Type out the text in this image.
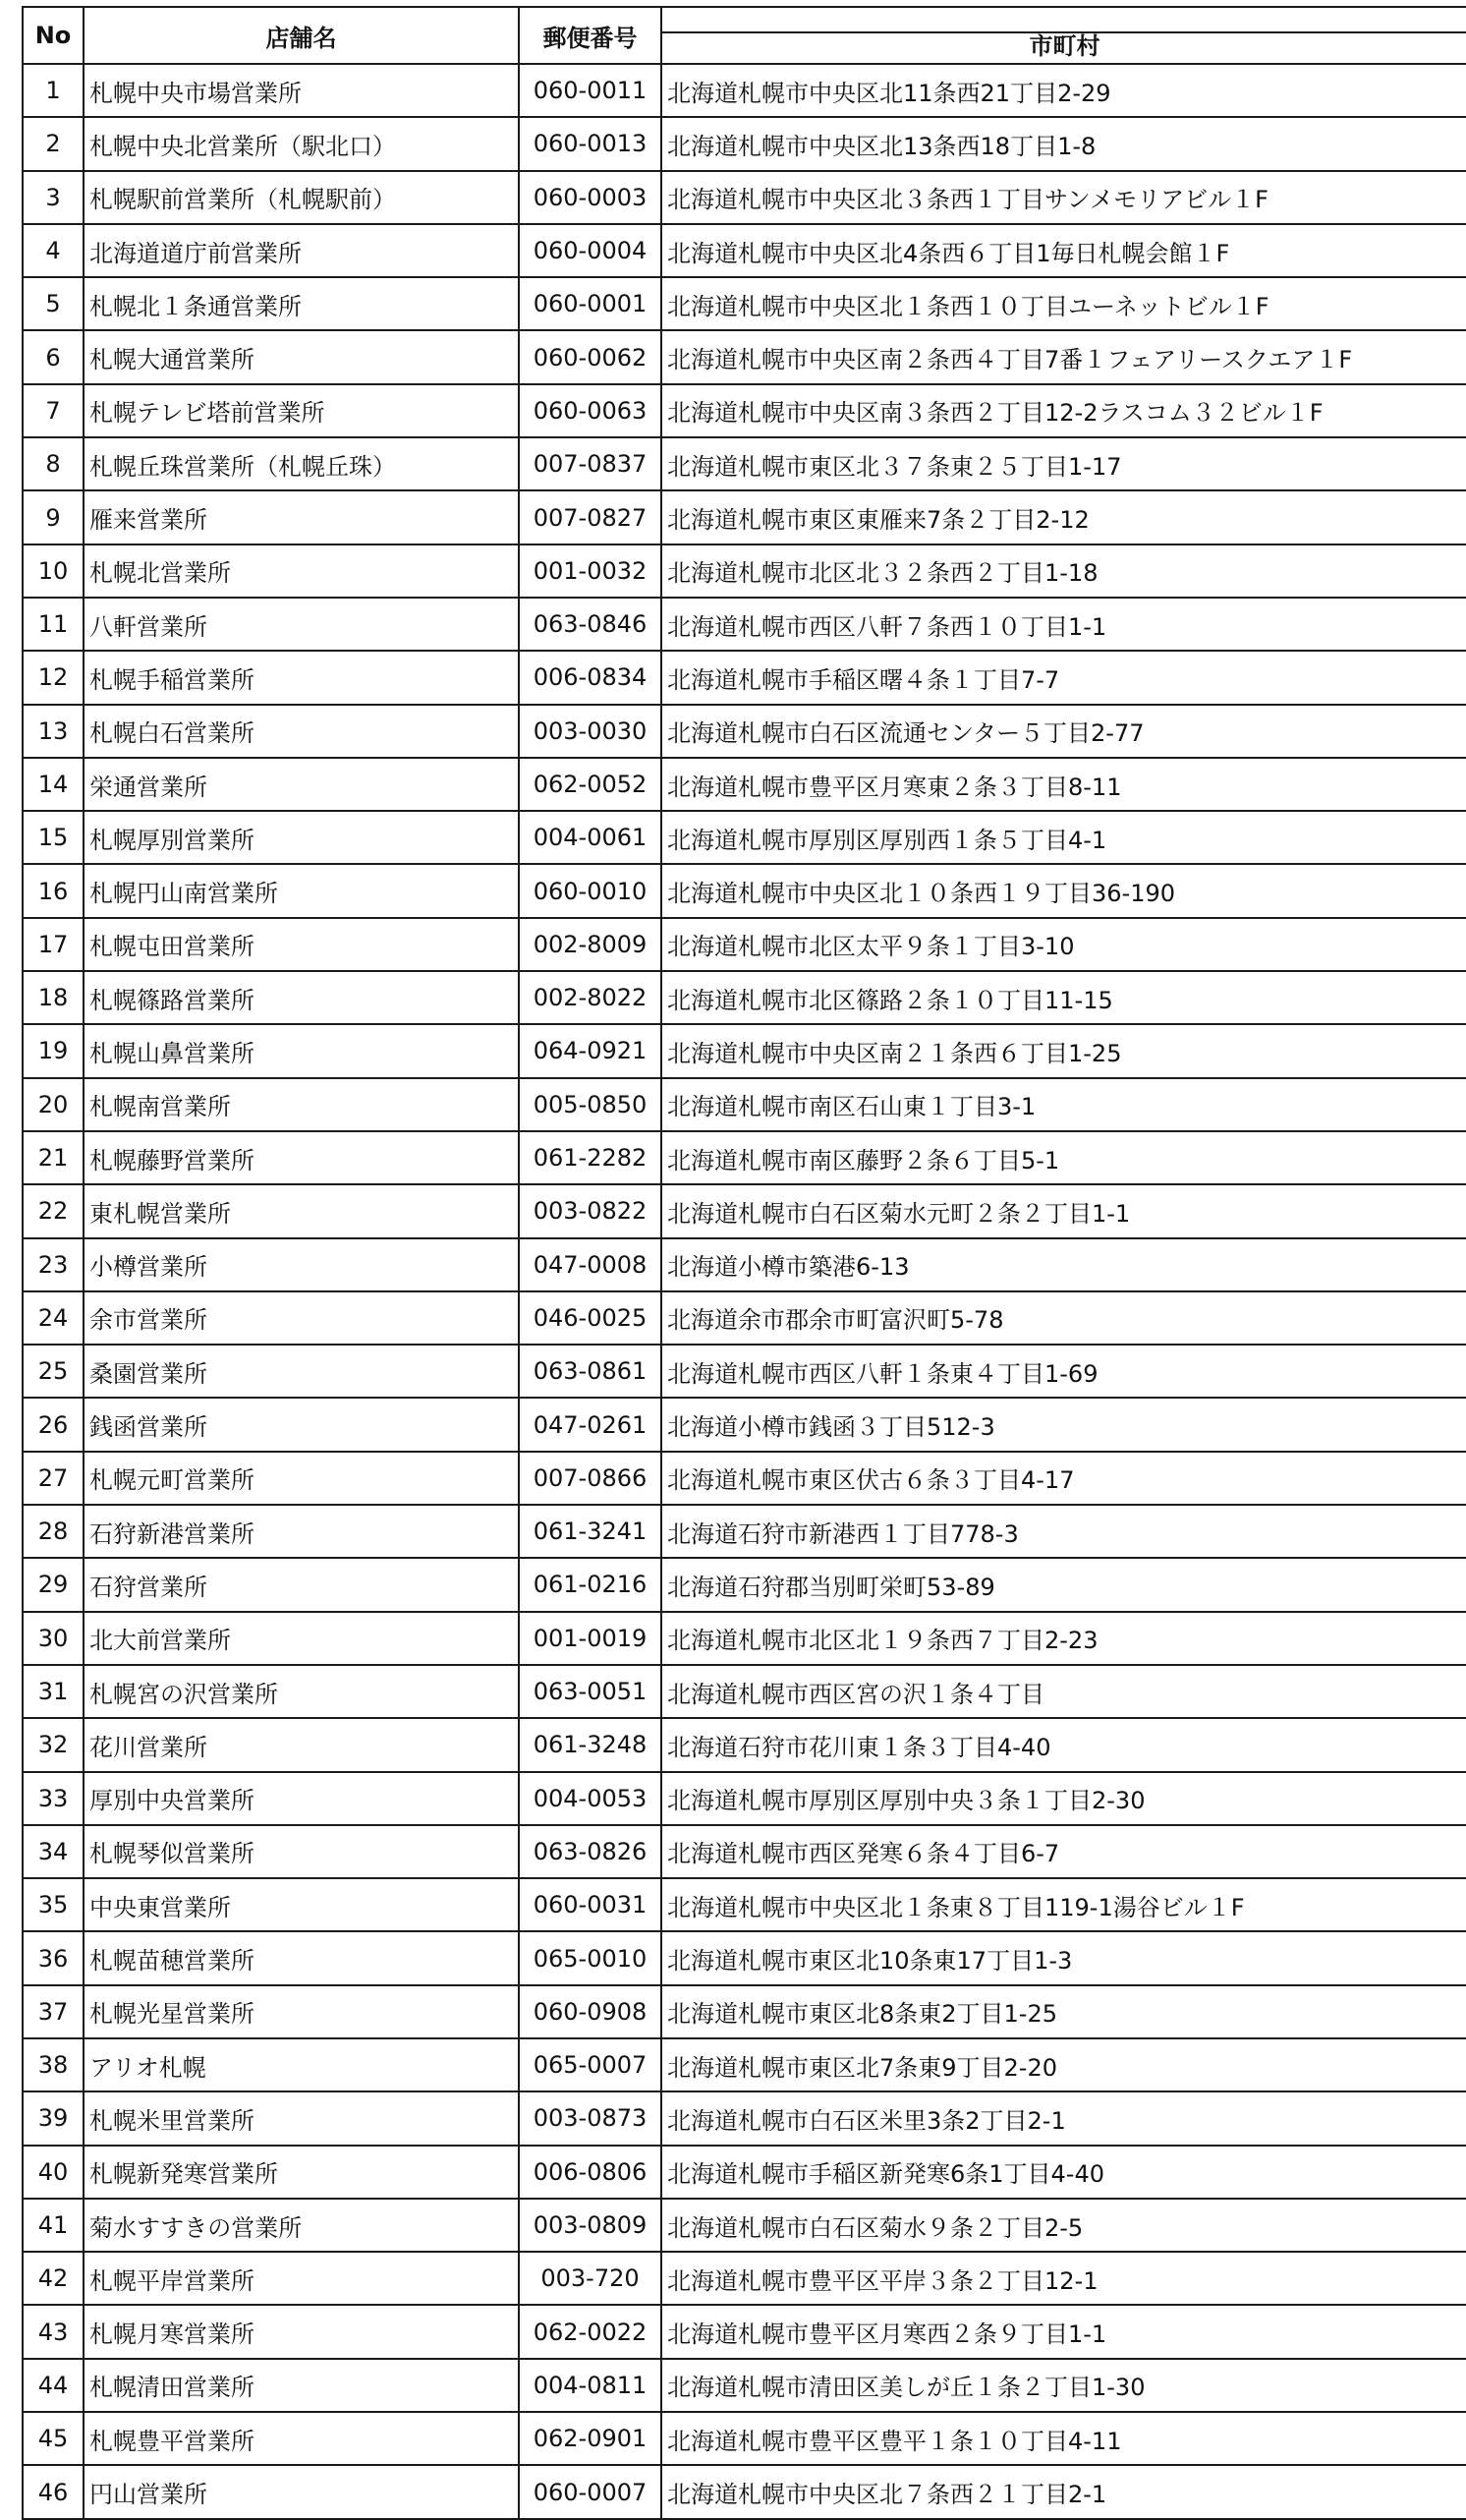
No	店舗名	郵便番号	市町村

1	札幌中央市場営業所	060-0011	北海道札幌市中央区北11条西21丁目2-29
2	札幌中央北営業所（駅北口）	060-0013	北海道札幌市中央区北13条西18丁目1-8
3	札幌駅前営業所（札幌駅前）	060-0003	北海道札幌市中央区北３条西１丁目サンメモリアビル１F
4	北海道道庁前営業所	060-0004	北海道札幌市中央区北4条西６丁目1毎日札幌会館１F
5	札幌北１条通営業所	060-0001	北海道札幌市中央区北１条西１０丁目ユーネットビル１F
6	札幌大通営業所	060-0062	北海道札幌市中央区南２条西４丁目7番１フェアリースクエア１F
7	札幌テレビ塔前営業所	060-0063	北海道札幌市中央区南３条西２丁目12-2ラスコム３２ビル１F
8	札幌丘珠営業所（札幌丘珠）	007-0837	北海道札幌市東区北３７条東２５丁目1-17
9	雁来営業所	007-0827	北海道札幌市東区東雁来7条２丁目2-12
10	札幌北営業所	001-0032	北海道札幌市北区北３２条西２丁目1-18
11	八軒営業所	063-0846	北海道札幌市西区八軒７条西１０丁目1-1
12	札幌手稲営業所	006-0834	北海道札幌市手稲区曙４条１丁目7-7
13	札幌白石営業所	003-0030	北海道札幌市白石区流通センター５丁目2-77
14	栄通営業所	062-0052	北海道札幌市豊平区月寒東２条３丁目8-11
15	札幌厚別営業所	004-0061	北海道札幌市厚別区厚別西１条５丁目4-1
16	札幌円山南営業所	060-0010	北海道札幌市中央区北１０条西１９丁目36-190
17	札幌屯田営業所	002-8009	北海道札幌市北区太平９条１丁目3-10
18	札幌篠路営業所	002-8022	北海道札幌市北区篠路２条１０丁目11-15
19	札幌山鼻営業所	064-0921	北海道札幌市中央区南２１条西６丁目1-25
20	札幌南営業所	005-0850	北海道札幌市南区石山東１丁目3-1
21	札幌藤野営業所	061-2282	北海道札幌市南区藤野２条６丁目5-1
22	東札幌営業所	003-0822	北海道札幌市白石区菊水元町２条２丁目1-1
23	小樽営業所	047-0008	北海道小樽市築港6-13
24	余市営業所	046-0025	北海道余市郡余市町富沢町5-78
25	桑園営業所	063-0861	北海道札幌市西区八軒１条東４丁目1-69
26	銭函営業所	047-0261	北海道小樽市銭函３丁目512-3
27	札幌元町営業所	007-0866	北海道札幌市東区伏古６条３丁目4-17
28	石狩新港営業所	061-3241	北海道石狩市新港西１丁目778-3
29	石狩営業所	061-0216	北海道石狩郡当別町栄町53-89
30	北大前営業所	001-0019	北海道札幌市北区北１９条西７丁目2-23
31	札幌宮の沢営業所	063-0051	北海道札幌市西区宮の沢１条４丁目
32	花川営業所	061-3248	北海道石狩市花川東１条３丁目4-40
33	厚別中央営業所	004-0053	北海道札幌市厚別区厚別中央３条１丁目2-30
34	札幌琴似営業所	063-0826	北海道札幌市西区発寒６条４丁目6-7
35	中央東営業所	060-0031	北海道札幌市中央区北１条東８丁目119-1湯谷ビル１F
36	札幌苗穂営業所	065-0010	北海道札幌市東区北10条東17丁目1-3
37	札幌光星営業所	060-0908	北海道札幌市東区北8条東2丁目1-25
38	アリオ札幌	065-0007	北海道札幌市東区北7条東9丁目2-20
39	札幌米里営業所	003-0873	北海道札幌市白石区米里3条2丁目2-1
40	札幌新発寒営業所	006-0806	北海道札幌市手稲区新発寒6条1丁目4-40
41	菊水すすきの営業所	003-0809	北海道札幌市白石区菊水９条２丁目2-5
42	札幌平岸営業所	003-720	北海道札幌市豊平区平岸３条２丁目12-1
43	札幌月寒営業所	062-0022	北海道札幌市豊平区月寒西２条９丁目1-1
44	札幌清田営業所	004-0811	北海道札幌市清田区美しが丘１条２丁目1-30
45	札幌豊平営業所	062-0901	北海道札幌市豊平区豊平１条１０丁目4-11
46	円山営業所	060-0007	北海道札幌市中央区北７条西２１丁目2-1
